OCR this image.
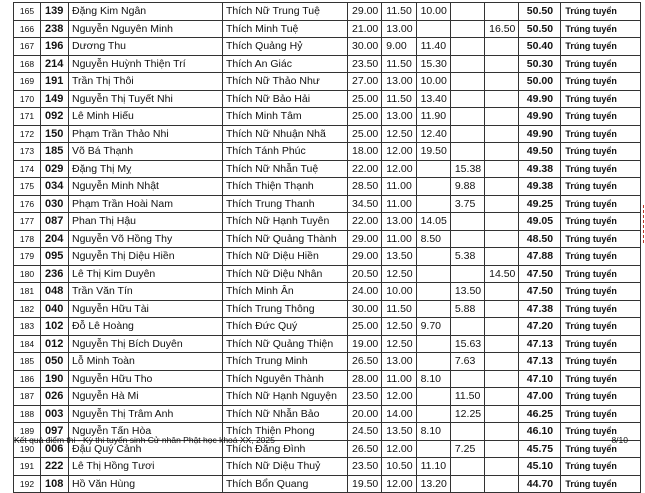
165	139	Đặng Kim Ngân	Thích Nữ Trung Tuệ	29.00	11.50	10.00			50.50	Trúng tuyển
166	238	Nguyễn Nguyên Minh	Thích Minh Tuệ	21.00	13.00			16.50	50.50	Trúng tuyển
167	196	Dương Thu	Thích Quảng Hỷ	30.00	9.00	11.40			50.40	Trúng tuyển
168	214	Nguyễn Huỳnh Thiện Trí	Thích An Giác	23.50	11.50	15.30			50.30	Trúng tuyển
169	191	Trần Thị Thôi	Thích Nữ Thảo Như	27.00	13.00	10.00			50.00	Trúng tuyển
170	149	Nguyễn Thị Tuyết Nhi	Thích Nữ Bảo Hải	25.00	11.50	13.40			49.90	Trúng tuyển
171	092	Lê Minh Hiếu	Thích Minh Tâm	25.00	13.00	11.90			49.90	Trúng tuyển
172	150	Phạm Trần Thảo Nhi	Thích Nữ Nhuận Nhã	25.00	12.50	12.40			49.90	Trúng tuyển
173	185	Võ Bá Thạnh	Thích Tánh Phúc	18.00	12.00	19.50			49.50	Trúng tuyển
174	029	Đặng Thị Mỵ	Thích Nữ Nhẫn Tuệ	22.00	12.00		15.38		49.38	Trúng tuyển
175	034	Nguyễn Minh Nhật	Thích Thiện Thạnh	28.50	11.00		9.88		49.38	Trúng tuyển
176	030	Phạm Trần Hoài Nam	Thích Trung Thanh	34.50	11.00		3.75		49.25	Trúng tuyển
177	087	Phan Thị Hậu	Thích Nữ Hạnh Tuyên	22.00	13.00	14.05			49.05	Trúng tuyển
178	204	Nguyễn Võ Hồng Thy	Thích Nữ Quảng Thành	29.00	11.00	8.50			48.50	Trúng tuyển
179	095	Nguyễn Thị Diệu Hiền	Thích Nữ Diệu Hiền	29.00	13.50		5.38		47.88	Trúng tuyển
180	236	Lê Thị Kim Duyên	Thích Nữ Diệu Nhân	20.50	12.50			14.50	47.50	Trúng tuyển
181	048	Trần Văn Tín	Thích Minh Ân	24.00	10.00		13.50		47.50	Trúng tuyển
182	040	Nguyễn Hữu Tài	Thích Trung Thông	30.00	11.50		5.88		47.38	Trúng tuyển
183	102	Đỗ Lê Hoàng	Thích Đức Quý	25.00	12.50	9.70			47.20	Trúng tuyển
184	012	Nguyễn Thị Bích Duyên	Thích Nữ Quảng Thiện	19.00	12.50		15.63		47.13	Trúng tuyển
185	050	Lỗ Minh Toàn	Thích Trung Minh	26.50	13.00		7.63		47.13	Trúng tuyển
186	190	Nguyễn Hữu Tho	Thích Nguyên Thành	28.00	11.00	8.10			47.10	Trúng tuyển
187	026	Nguyễn Hà Mi	Thích Nữ Hạnh Nguyện	23.50	12.00		11.50		47.00	Trúng tuyển
188	003	Nguyễn Thị Trâm Anh	Thích Nữ Nhẫn Bảo	20.00	14.00		12.25		46.25	Trúng tuyển
189	097	Nguyễn Tấn Hòa	Thích Thiện Phong	24.50	13.50	8.10			46.10	Trúng tuyển
190	006	Đậu Quý Cảnh	Thích Đăng Đình	26.50	12.00		7.25		45.75	Trúng tuyển
191	222	Lê Thị Hồng Tươi	Thích Nữ Diệu Thuỷ	23.50	10.50	11.10			45.10	Trúng tuyển
192	108	Hồ Văn Hùng	Thích Bổn Quang	19.50	12.00	13.20			44.70	Trúng tuyển
Kết quả điểm thi - Kỳ thi tuyển sinh Cử nhân Phật học khoá XX, 2025	8/10
